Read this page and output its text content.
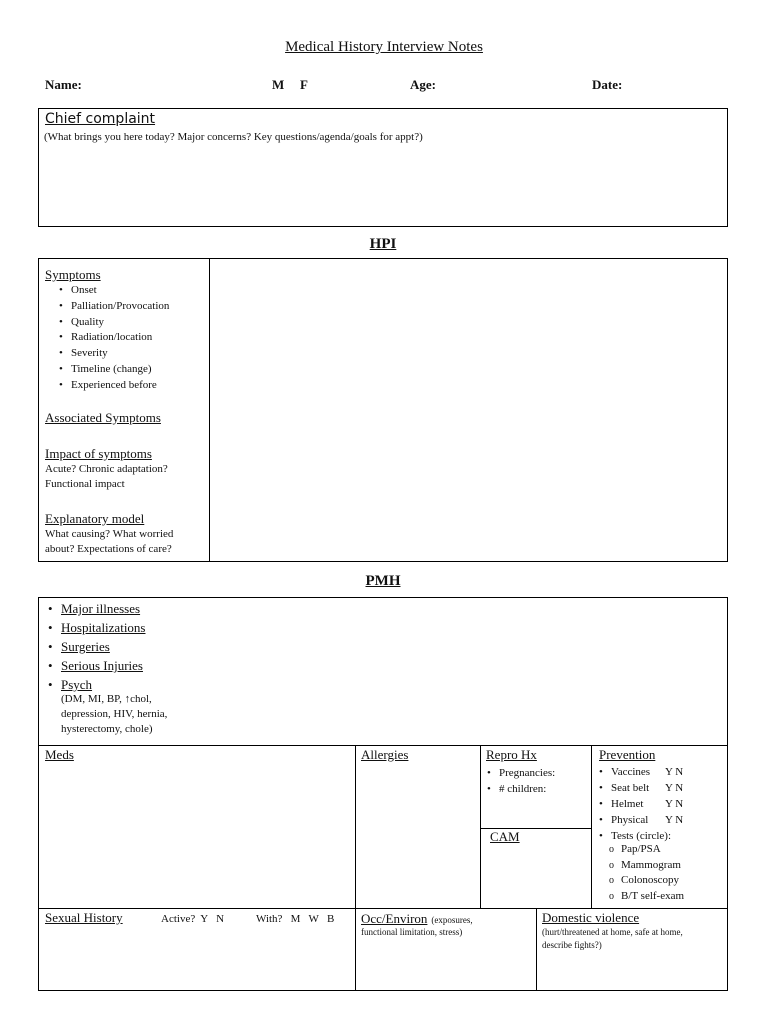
Medical History Interview Notes
Name:	M F	Age:	Date:
Chief complaint
(What brings you here today? Major concerns? Key questions/agenda/goals for appt?)
HPI
Symptoms
• Onset
• Palliation/Provocation
• Quality
• Radiation/location
• Severity
• Timeline (change)
• Experienced before
Associated Symptoms
Impact of symptoms
Acute? Chronic adaptation?
Functional impact
Explanatory model
What causing? What worried
about? Expectations of care?
PMH
• Major illnesses
• Hospitalizations
• Surgeries
• Serious Injuries
• Psych
(DM, MI, BP, ↑chol,
depression, HIV, hernia,
hysterectomy, chole)
Meds	Allergies	Repro Hx
• Pregnancies:
• # children:
CAM
Prevention
• Vaccines Y N
• Seat belt Y N
• Helmet Y N
• Physical Y N
• Tests (circle):
o Pap/PSA
o Mammogram
o Colonoscopy
o B/T self-exam
Sexual History	Active?  Y   N	With?   M   W   B Occ/Environ (exposures,
functional limitation, stress)
Domestic violence
(hurt/threatened at home, safe at home,
describe fights?)
